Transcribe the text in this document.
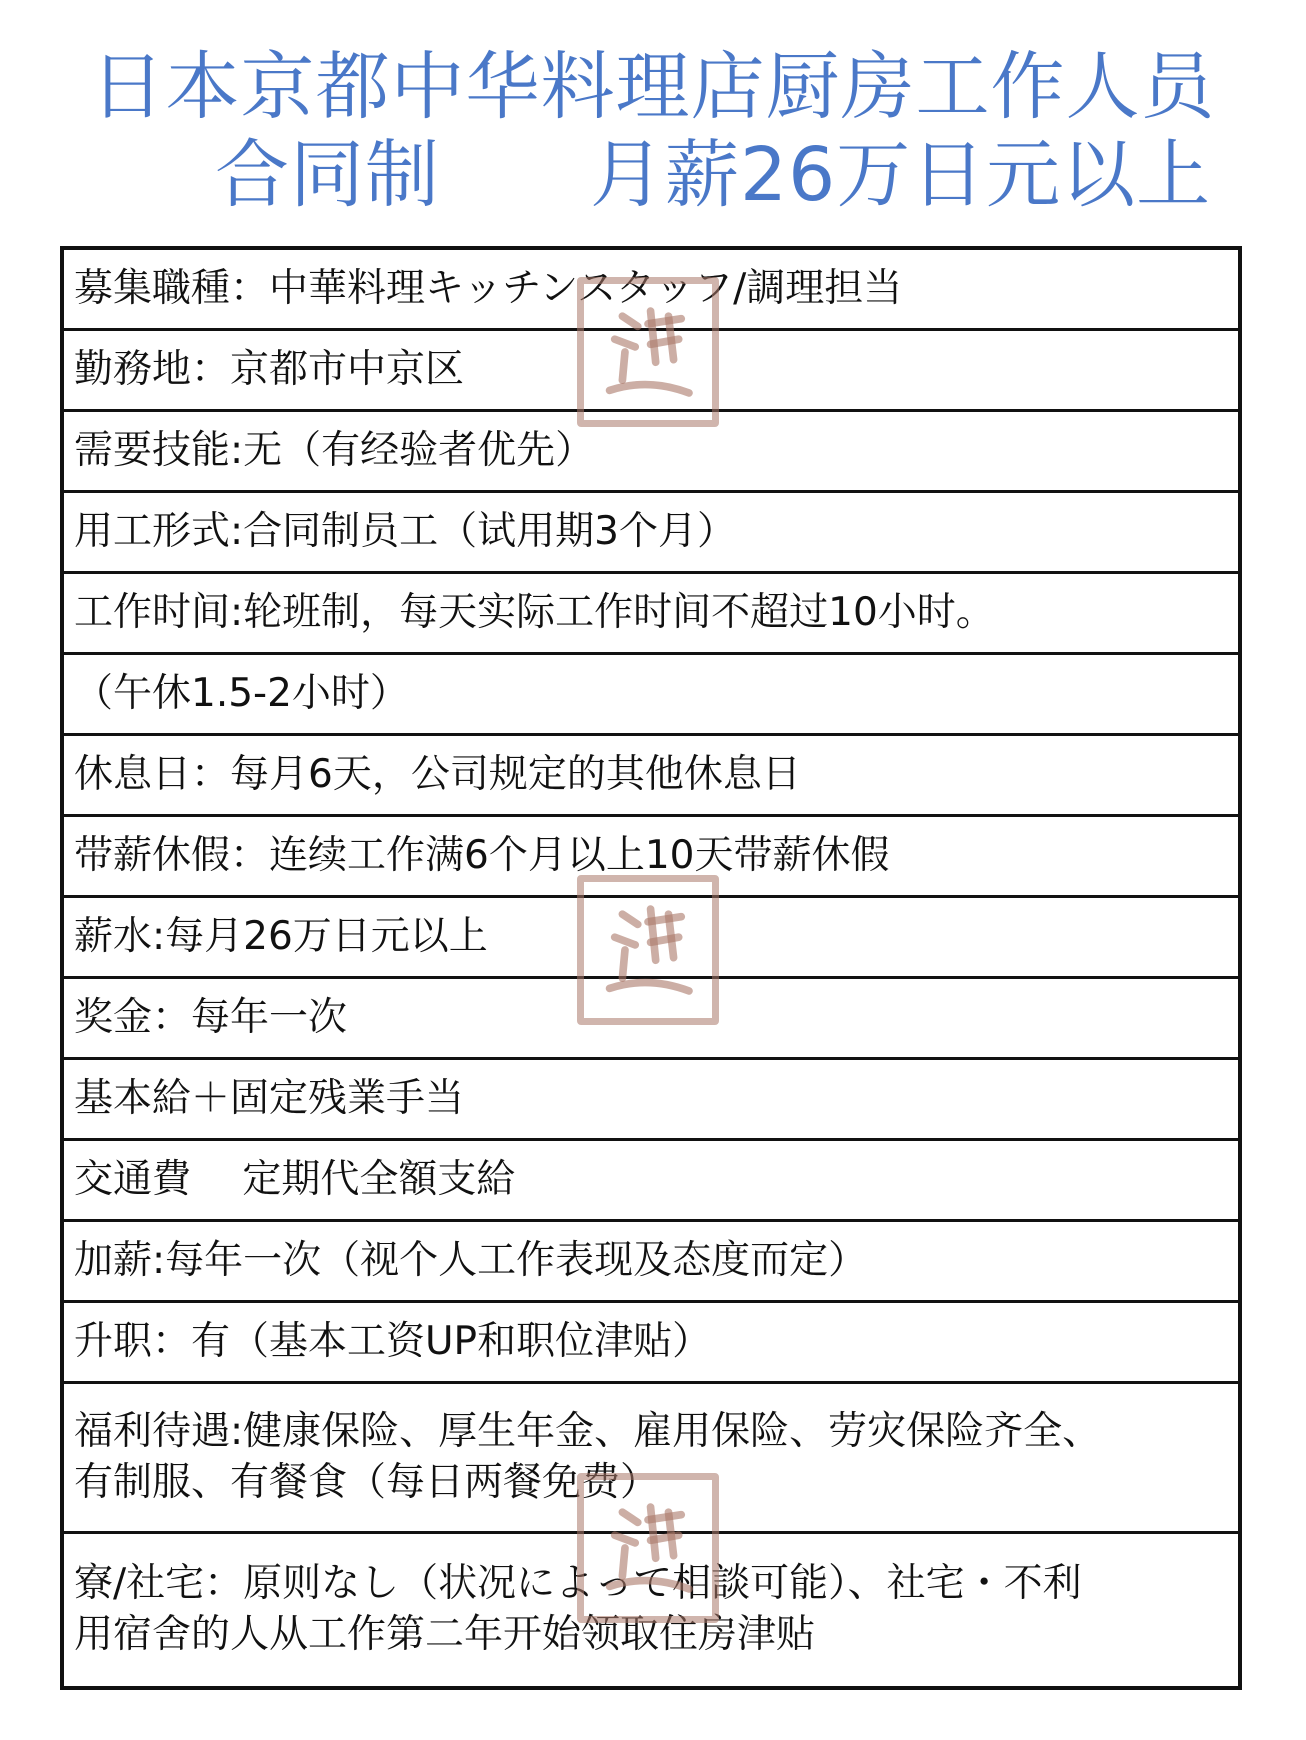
日本京都中华料理店厨房工作人员
合同制 月薪26万日元以上
募集職種：中華料理キッチンスタッフ/調理担当
勤務地：京都市中京区
需要技能:无（有经验者优先）
用工形式:合同制员工（试用期3个月）
工作时间:轮班制，每天实际工作时间不超过10小时。
（午休1.5-2小时）
休息日：每月6天，公司规定的其他休息日
带薪休假：连续工作满6个月以上10天带薪休假
薪水:每月26万日元以上
奖金：每年一次
基本給＋固定残業手当
交通費　 定期代全額支給
加薪:每年一次（视个人工作表现及态度而定）
升职：有（基本工资UP和职位津贴）
福利待遇:健康保险、厚生年金、雇用保险、劳灾保险齐全、
有制服、有餐食（每日两餐免费）
寮/社宅：原则なし（状况によって相談可能）、社宅・不利
用宿舍的人从工作第二年开始领取住房津贴
